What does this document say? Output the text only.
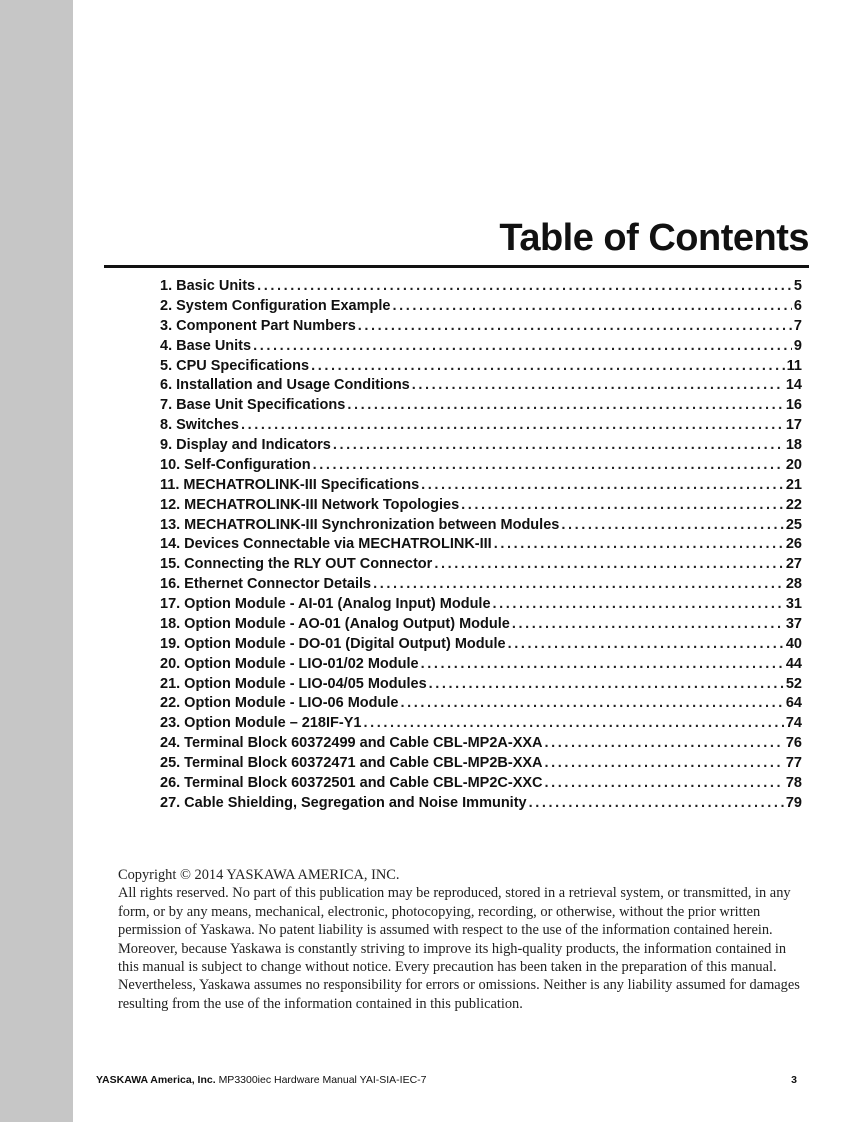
Table of Contents
1. Basic Units .....	5
2. System Configuration Example .....	6
3. Component Part Numbers .....	7
4. Base Units .....	9
5. CPU Specifications .....	11
6. Installation and Usage Conditions .....	14
7. Base Unit Specifications .....	16
8. Switches .....	17
9. Display and Indicators .....	18
10. Self-Configuration .....	20
11. MECHATROLINK-III Specifications .....	21
12. MECHATROLINK-III Network Topologies .....	22
13. MECHATROLINK-III Synchronization between Modules .....	25
14. Devices Connectable via MECHATROLINK-III .....	26
15. Connecting the RLY OUT Connector .....	27
16. Ethernet Connector Details .....	28
17. Option Module - AI-01 (Analog Input) Module .....	31
18. Option Module - AO-01 (Analog Output) Module .....	37
19. Option Module - DO-01 (Digital Output) Module .....	40
20. Option Module - LIO-01/02 Module .....	44
21. Option Module - LIO-04/05 Modules .....	52
22. Option Module - LIO-06 Module .....	64
23. Option Module – 218IF-Y1 .....	74
24. Terminal Block 60372499 and Cable CBL-MP2A-XXA .....	76
25. Terminal Block 60372471 and Cable CBL-MP2B-XXA .....	77
26. Terminal Block 60372501 and Cable CBL-MP2C-XXC .....	78
27. Cable Shielding, Segregation and Noise Immunity .....	79

Copyright © 2014 YASKAWA AMERICA, INC.

All rights reserved. No part of this publication may be reproduced, stored in a retrieval system, or transmitted, in any form, or by any means, mechanical, electronic, photocopying, recording, or otherwise, without the prior written permission of Yaskawa. No patent liability is assumed with respect to the use of the information contained herein. Moreover, because Yaskawa is constantly striving to improve its high-quality products, the information contained in this manual is subject to change without notice. Every precaution has been taken in the preparation of this manual. Nevertheless, Yaskawa assumes no responsibility for errors or omissions. Neither is any liability assumed for damages resulting from the use of the information contained in this publication.

YASKAWA America, Inc. MP3300iec Hardware Manual YAI-SIA-IEC-7	3
